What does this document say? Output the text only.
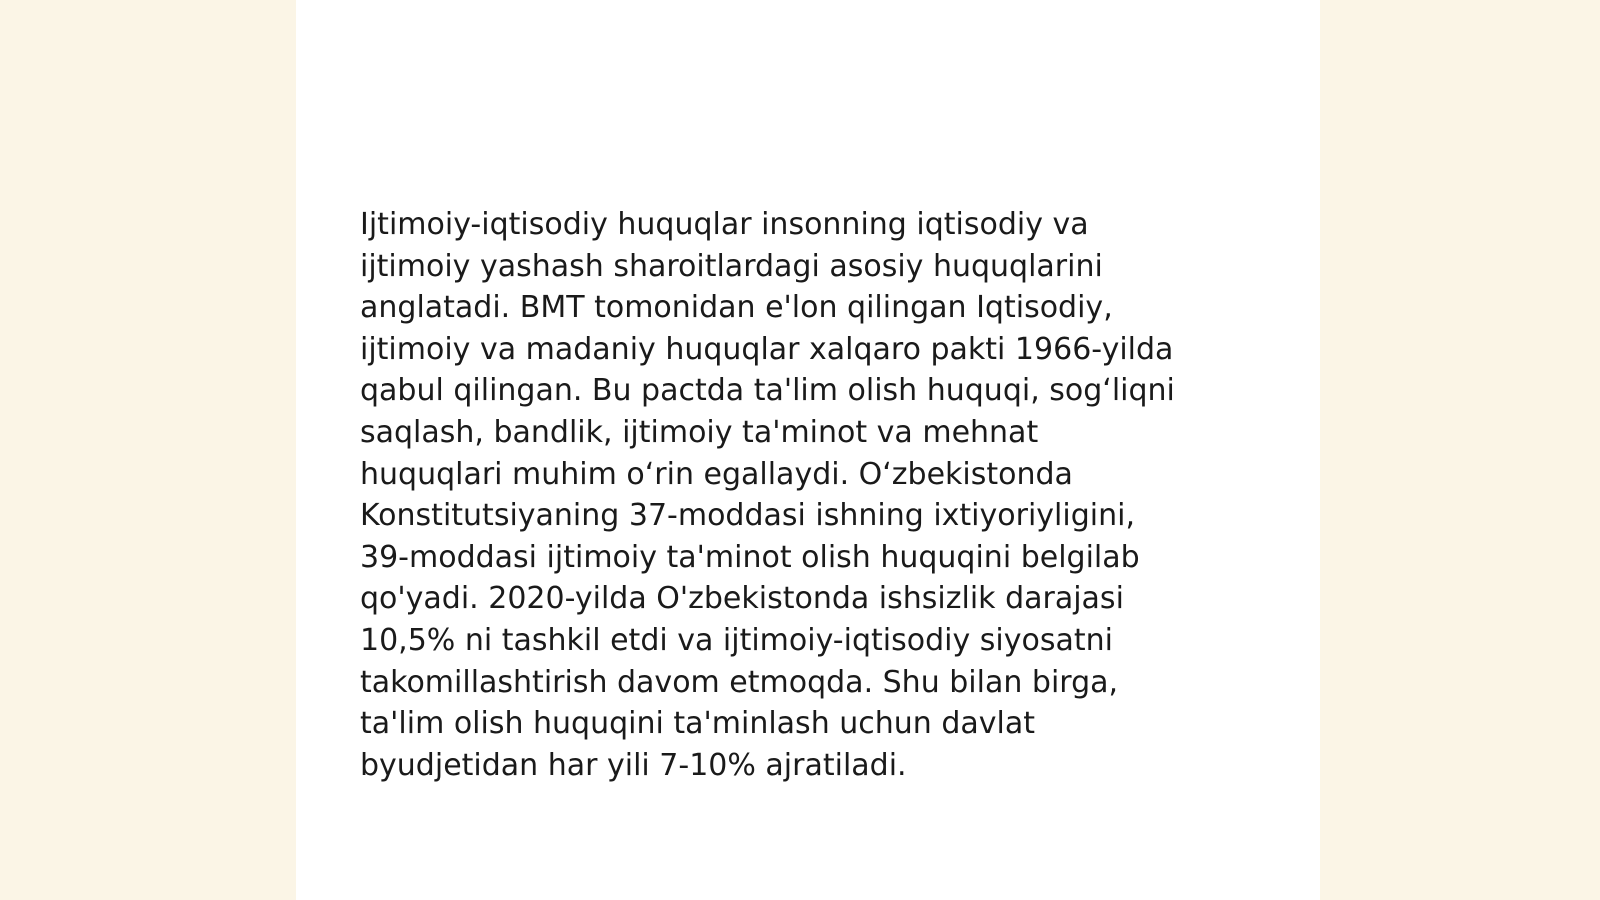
Ijtimoiy-iqtisodiy huquqlar insonning iqtisodiy va
ijtimoiy yashash sharoitlardagi asosiy huquqlarini
anglatadi. BMT tomonidan e'lon qilingan Iqtisodiy,
ijtimoiy va madaniy huquqlar xalqaro pakti 1966-yilda
qabul qilingan. Bu pactda ta'lim olish huquqi, sog‘liqni
saqlash, bandlik, ijtimoiy ta'minot va mehnat
huquqlari muhim o‘rin egallaydi. O‘zbekistonda
Konstitutsiyaning 37-moddasi ishning ixtiyoriyligini,
39-moddasi ijtimoiy ta'minot olish huquqini belgilab
qo'yadi. 2020-yilda O'zbekistonda ishsizlik darajasi
10,5% ni tashkil etdi va ijtimoiy-iqtisodiy siyosatni
takomillashtirish davom etmoqda. Shu bilan birga,
ta'lim olish huquqini ta'minlash uchun davlat
byudjetidan har yili 7-10% ajratiladi.
